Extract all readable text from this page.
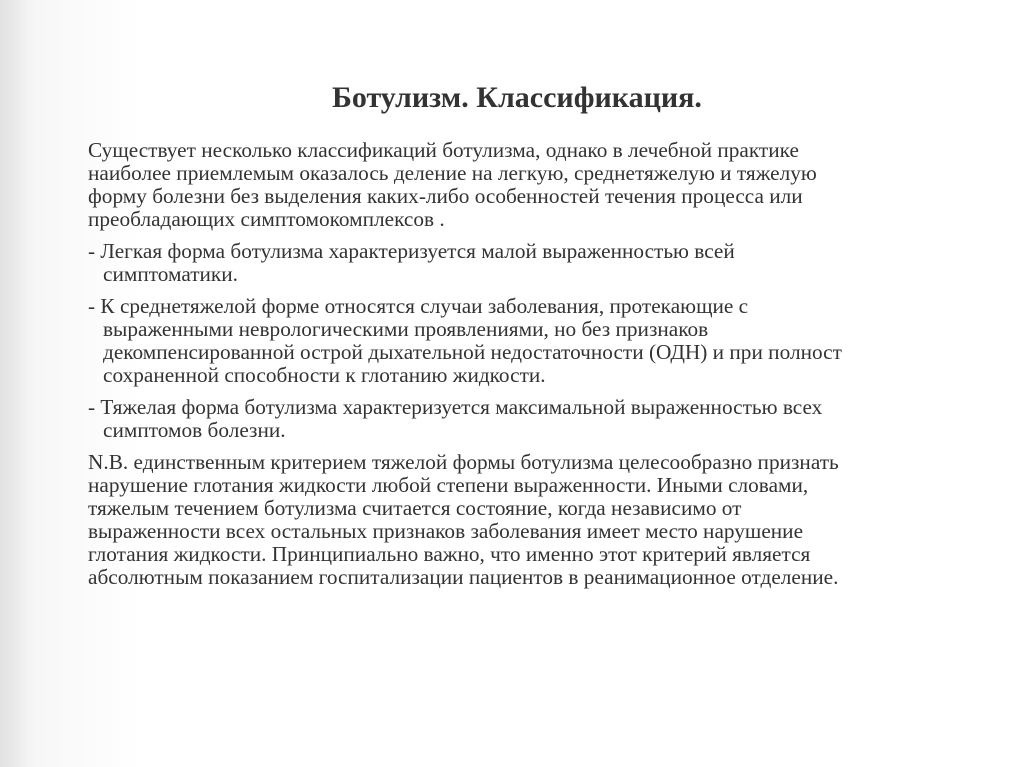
Ботулизм. Классификация.
Существует несколько классификаций ботулизма, однако в лечебной практике
наиболее приемлемым оказалось деление на легкую, среднетяжелую и тяжелую
форму болезни без выделения каких-либо особенностей течения процесса или
преобладающих симптомокомплексов .
- Легкая форма ботулизма характеризуется малой выраженностью всей
симптоматики.
- К среднетяжелой форме относятся случаи заболевания, протекающие с
выраженными неврологическими проявлениями, но без признаков
декомпенсированной острой дыхательной недостаточности (ОДН) и при полност
сохраненной способности к глотанию жидкости.
- Тяжелая форма ботулизма характеризуется максимальной выраженностью всех
симптомов болезни.
N.B. единственным критерием тяжелой формы ботулизма целесообразно признать
нарушение глотания жидкости любой степени выраженности. Иными словами,
тяжелым течением ботулизма считается состояние, когда независимо от
выраженности всех остальных признаков заболевания имеет место нарушение
глотания жидкости. Принципиально важно, что именно этот критерий является
абсолютным показанием госпитализации пациентов в реанимационное отделение.
